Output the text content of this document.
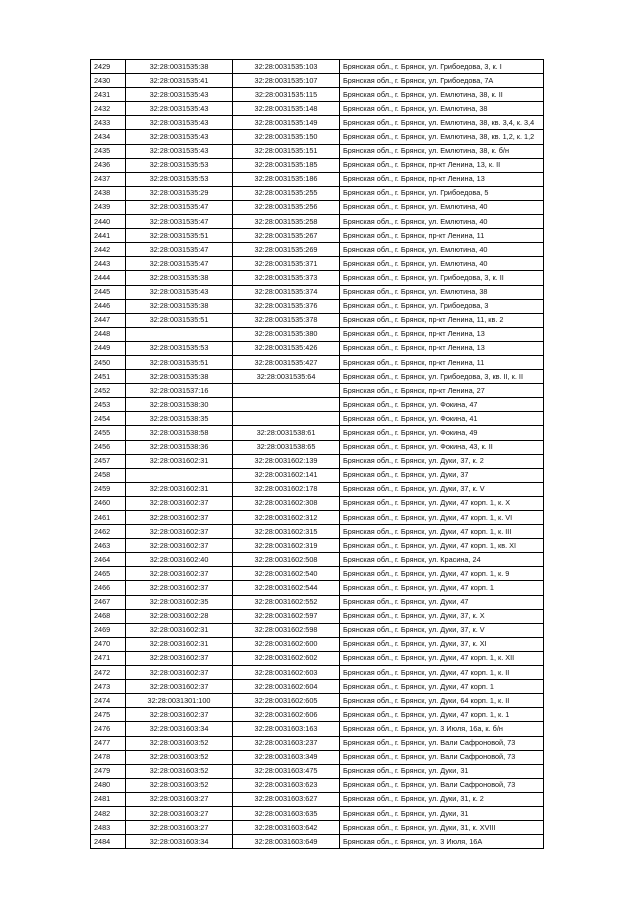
2429	32:28:0031535:38	32:28:0031535:103	Брянская обл., г. Брянск, ул. Грибоедова, 3, к. I
2430	32:28:0031535:41	32:28:0031535:107	Брянская обл., г. Брянск, ул. Грибоедова, 7А
2431	32:28:0031535:43	32:28:0031535:115	Брянская обл., г. Брянск, ул. Емлютина, 38, к. II
2432	32:28:0031535:43	32:28:0031535:148	Брянская обл., г. Брянск, ул. Емлютина, 38
2433	32:28:0031535:43	32:28:0031535:149	Брянская обл., г. Брянск, ул. Емлютина, 38, кв. 3,4, к. 3,4
2434	32:28:0031535:43	32:28:0031535:150	Брянская обл., г. Брянск, ул. Емлютина, 38, кв. 1,2, к. 1,2
2435	32:28:0031535:43	32:28:0031535:151	Брянская обл., г. Брянск, ул. Емлютина, 38, к. б/н
2436	32:28:0031535:53	32:28:0031535:185	Брянская обл., г. Брянск, пр-кт Ленина, 13, к. II
2437	32:28:0031535:53	32:28:0031535:186	Брянская обл., г. Брянск, пр-кт Ленина, 13
2438	32:28:0031535:29	32:28:0031535:255	Брянская обл., г. Брянск, ул. Грибоедова, 5
2439	32:28:0031535:47	32:28:0031535:256	Брянская обл., г. Брянск, ул. Емлютина, 40
2440	32:28:0031535:47	32:28:0031535:258	Брянская обл., г. Брянск, ул. Емлютина, 40
2441	32:28:0031535:51	32:28:0031535:267	Брянская обл., г. Брянск, пр-кт Ленина, 11
2442	32:28:0031535:47	32:28:0031535:269	Брянская обл., г. Брянск, ул. Емлютина, 40
2443	32:28:0031535:47	32:28:0031535:371	Брянская обл., г. Брянск, ул. Емлютина, 40
2444	32:28:0031535:38	32:28:0031535:373	Брянская обл., г. Брянск, ул. Грибоедова, 3, к. II
2445	32:28:0031535:43	32:28:0031535:374	Брянская обл., г. Брянск, ул. Емлютина, 38
2446	32:28:0031535:38	32:28:0031535:376	Брянская обл., г. Брянск, ул. Грибоедова, 3
2447	32:28:0031535:51	32:28:0031535:378	Брянская обл., г. Брянск, пр-кт Ленина, 11, кв. 2
2448		32:28:0031535:380	Брянская обл., г. Брянск, пр-кт Ленина, 13
2449	32:28:0031535:53	32:28:0031535:426	Брянская обл., г. Брянск, пр-кт Ленина, 13
2450	32:28:0031535:51	32:28:0031535:427	Брянская обл., г. Брянск, пр-кт Ленина, 11
2451	32:28:0031535:38	32:28:0031535:64	Брянская обл., г. Брянск, ул. Грибоедова, 3, кв. II, к. II
2452	32:28:0031537:16		Брянская обл., г. Брянск, пр-кт Ленина, 27
2453	32:28:0031538:30		Брянская обл., г. Брянск, ул. Фокина, 47
2454	32:28:0031538:35		Брянская обл., г. Брянск, ул. Фокина, 41
2455	32:28:0031538:58	32:28:0031538:61	Брянская обл., г. Брянск, ул. Фокина, 49
2456	32:28:0031538:36	32:28:0031538:65	Брянская обл., г. Брянск, ул. Фокина, 43, к. II
2457	32:28:0031602:31	32:28:0031602:139	Брянская обл., г. Брянск, ул. Дуки, 37, к. 2
2458		32:28:0031602:141	Брянская обл., г. Брянск, ул. Дуки, 37
2459	32:28:0031602:31	32:28:0031602:178	Брянская обл., г. Брянск, ул. Дуки, 37, к. V
2460	32:28:0031602:37	32:28:0031602:308	Брянская обл., г. Брянск, ул. Дуки, 47 корп. 1, к. X
2461	32:28:0031602:37	32:28:0031602:312	Брянская обл., г. Брянск, ул. Дуки, 47 корп. 1, к. VI
2462	32:28:0031602:37	32:28:0031602:315	Брянская обл., г. Брянск, ул. Дуки, 47 корп. 1, к. III
2463	32:28:0031602:37	32:28:0031602:319	Брянская обл., г. Брянск, ул. Дуки, 47 корп. 1, кв. XI
2464	32:28:0031602:40	32:28:0031602:508	Брянская обл., г. Брянск, ул. Красина, 24
2465	32:28:0031602:37	32:28:0031602:540	Брянская обл., г. Брянск, ул. Дуки, 47 корп. 1, к. 9
2466	32:28:0031602:37	32:28:0031602:544	Брянская обл., г. Брянск, ул. Дуки, 47 корп. 1
2467	32:28:0031602:35	32:28:0031602:552	Брянская обл., г. Брянск, ул. Дуки, 47
2468	32:28:0031602:28	32:28:0031602:597	Брянская обл., г. Брянск, ул. Дуки, 37, к. X
2469	32:28:0031602:31	32:28:0031602:598	Брянская обл., г. Брянск, ул. Дуки, 37, к. V
2470	32:28:0031602:31	32:28:0031602:600	Брянская обл., г. Брянск, ул. Дуки, 37, к. XI
2471	32:28:0031602:37	32:28:0031602:602	Брянская обл., г. Брянск, ул. Дуки, 47 корп. 1, к. XII
2472	32:28:0031602:37	32:28:0031602:603	Брянская обл., г. Брянск, ул. Дуки, 47 корп. 1, к. II
2473	32:28:0031602:37	32:28:0031602:604	Брянская обл., г. Брянск, ул. Дуки, 47 корп. 1
2474	32:28:0031301:100	32:28:0031602:605	Брянская обл., г. Брянск, ул. Дуки, 64 корп. 1, к. II
2475	32:28:0031602:37	32:28:0031602:606	Брянская обл., г. Брянск, ул. Дуки, 47 корп. 1, к. 1
2476	32:28:0031603:34	32:28:0031603:163	Брянская обл., г. Брянск, ул. 3 Июля, 16а, к. б/н
2477	32:28:0031603:52	32:28:0031603:237	Брянская обл., г. Брянск, ул. Вали Сафроновой, 73
2478	32:28:0031603:52	32:28:0031603:349	Брянская обл., г. Брянск, ул. Вали Сафроновой, 73
2479	32:28:0031603:52	32:28:0031603:475	Брянская обл., г. Брянск, ул. Дуки, 31
2480	32:28:0031603:52	32:28:0031603:623	Брянская обл., г. Брянск, ул. Вали Сафроновой, 73
2481	32:28:0031603:27	32:28:0031603:627	Брянская обл., г. Брянск, ул. Дуки, 31, к. 2
2482	32:28:0031603:27	32:28:0031603:635	Брянская обл., г. Брянск, ул. Дуки, 31
2483	32:28:0031603:27	32:28:0031603:642	Брянская обл., г. Брянск, ул. Дуки, 31, к. XVIII
2484	32:28:0031603:34	32:28:0031603:649	Брянская обл., г. Брянск, ул. 3 Июля, 16А
